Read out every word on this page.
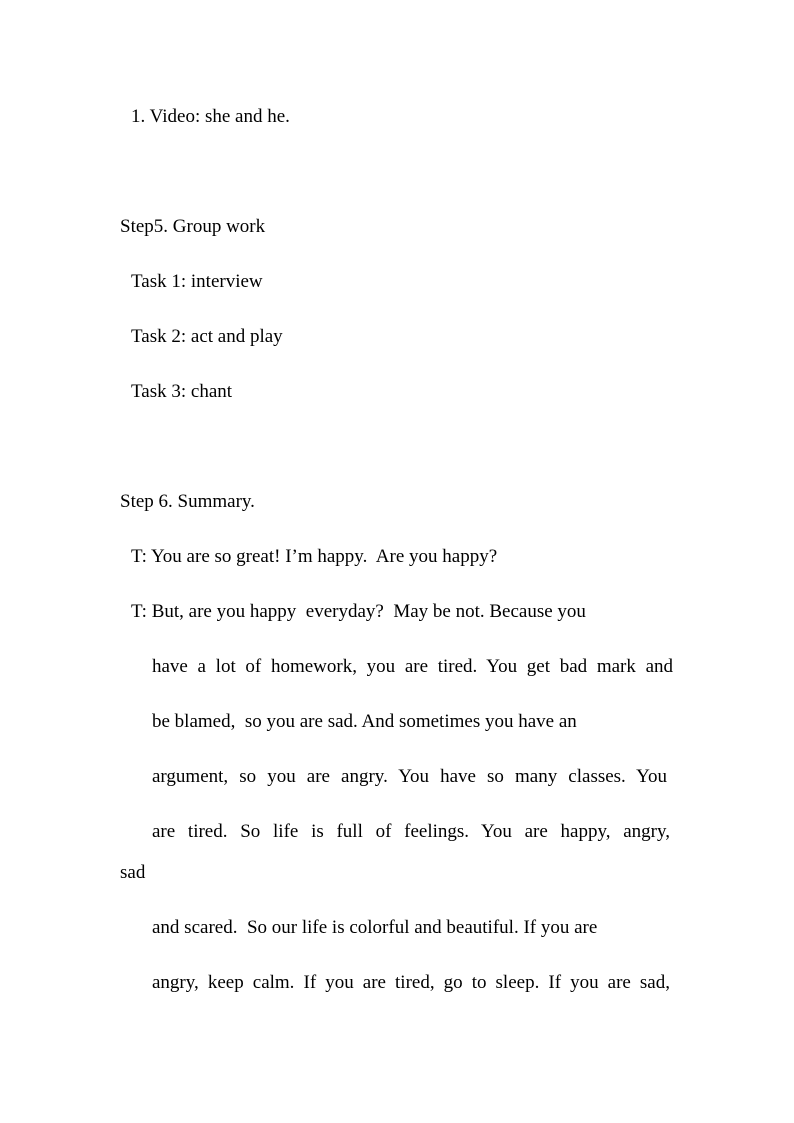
1. Video: she and he.

Step5. Group work

Task 1: interview

Task 2: act and play

Task 3: chant

Step 6. Summary.

T: You are so great! I’m happy.  Are you happy?

T: But, are you happy  everyday?  May be not. Because you

have a lot of homework, you are tired. You get bad mark and

be blamed,  so you are sad. And sometimes you have an

argument, so you are angry. You have so many classes. You

are tired. So life is full of feelings. You are happy, angry,

sad

and scared.  So our life is colorful and beautiful. If you are

angry, keep calm. If you are tired, go to sleep. If you are sad,
